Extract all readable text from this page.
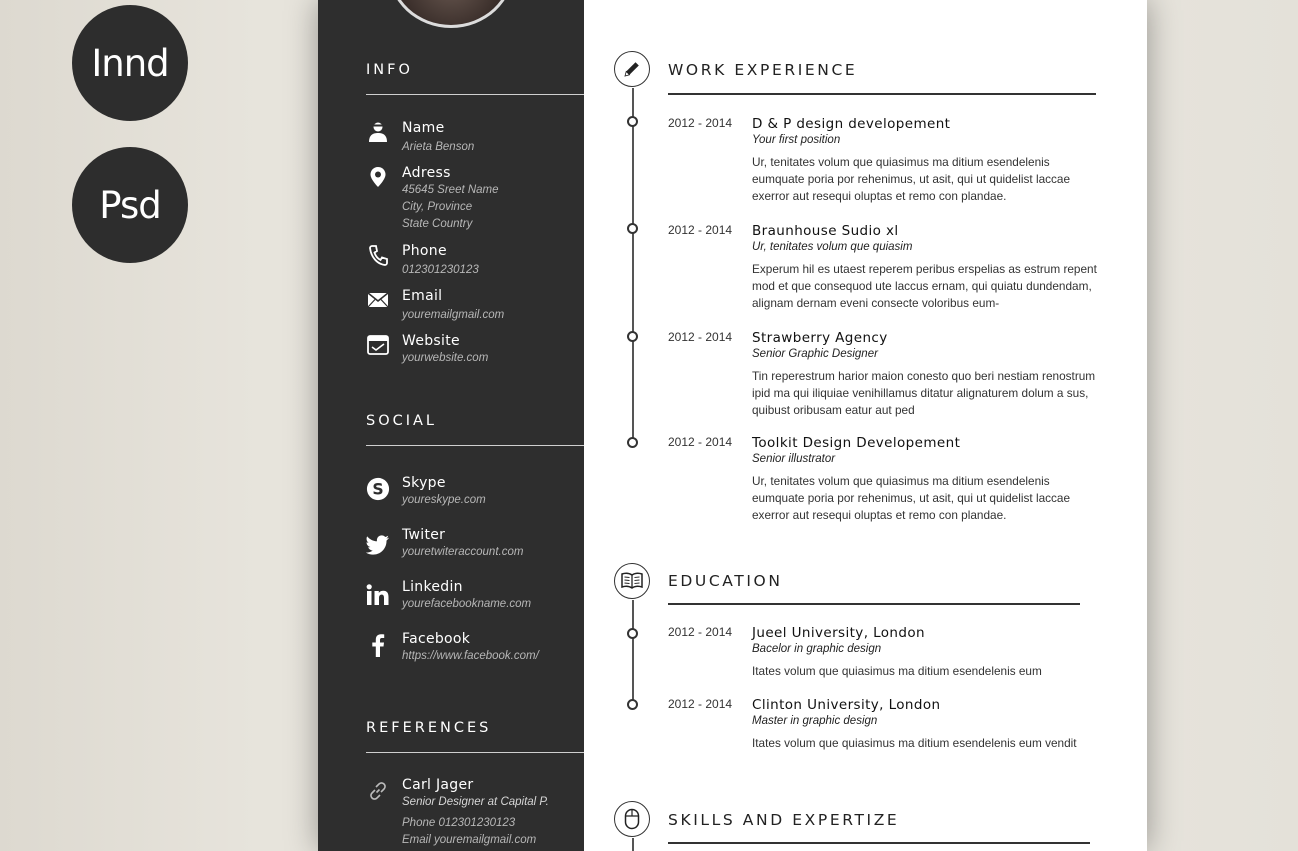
Innd
Psd
INFO
Name
Arieta Benson
Adress
45645 Sreet Name
City, Province
State Country
Phone
012301230123
Email
youremailgmail.com
Website
yourwebsite.com
SOCIAL
S Skype
youreskype.com
Twiter
youretwiteraccount.com
Linkedin
yourefacebookname.com
Facebook
https://www.facebook.com/
REFERENCES
Carl Jager
Senior Designer at Capital P.
Phone 012301230123
Email youremailgmail.com
WORK EXPERIENCE
2012 - 2014 D & P design developement
Your first position
Ur, tenitates volum que quiasimus ma ditium esendelenis eumquate poria por rehenimus, ut asit, qui ut quidelist laccae exerror aut resequi oluptas et remo con plandae.
2012 - 2014 Braunhouse Sudio xl
Ur, tenitates volum que quiasim
Experum hil es utaest reperem peribus erspelias as estrum repent mod et que consequod ute laccus ernam, qui quiatu dundendam, alignam dernam eveni consecte voloribus eum-
2012 - 2014 Strawberry Agency
Senior Graphic Designer
Tin reperestrum harior maion conesto quo beri nestiam renostrum ipid ma qui iliquiae venihillamus ditatur alignaturem dolum a sus, quibust oribusam eatur aut ped
2012 - 2014 Toolkit Design Developement
Senior illustrator
Ur, tenitates volum que quiasimus ma ditium esendelenis eumquate poria por rehenimus, ut asit, qui ut quidelist laccae exerror aut resequi oluptas et remo con plandae.
EDUCATION
2012 - 2014 Jueel University, London
Bacelor in graphic design
Itates volum que quiasimus ma ditium esendelenis eum
2012 - 2014 Clinton University, London
Master in graphic design
Itates volum que quiasimus ma ditium esendelenis eum vendit
SKILLS AND EXPERTIZE
